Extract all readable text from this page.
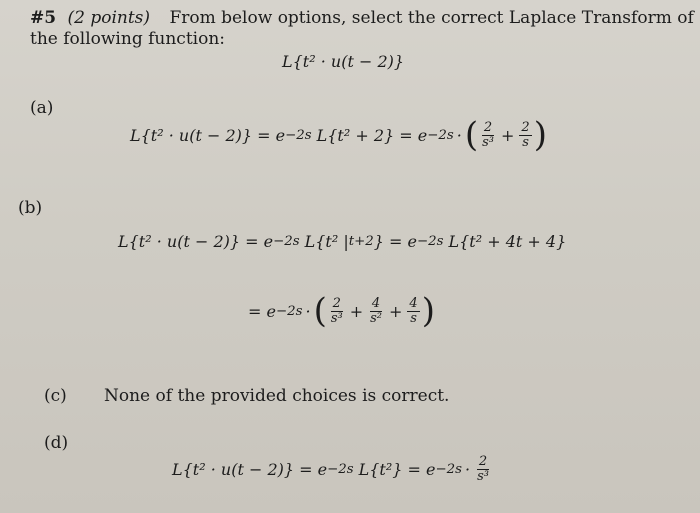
#5 (2 points) From below options, select the correct Laplace Transform of
the following function:
L{t² · u(t − 2)}
(a)
L{t² · u(t − 2)} = e −2s L{t² + 2} = e −2s · ( $\frac{2}{\text{s³}} + \frac{2}{s}$ )
(b)
L{t² · u(t − 2)} = e −2s L{t² | t+2 } = e −2s L{t² + 4t + 4}
= e −2s · ( $\frac{2}{\text{s³}} + \frac{4}{\text{s²}} + \frac{4}{s}$ )
(c) None of the provided choices is correct.
(d)
L{t² · u(t − 2)} = e −2s $L\{t^2\} = e -2s \cdot \frac{2}{\text{s³}}$
